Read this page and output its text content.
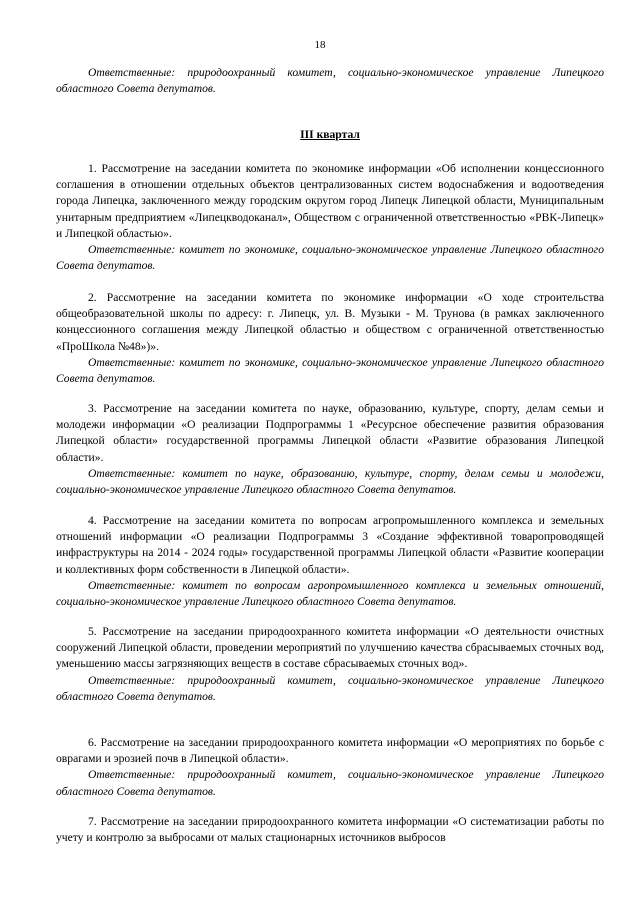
18

Ответственные: природоохранный комитет, социально-экономическое управление Липецкого областного Совета депутатов.

III квартал

1. Рассмотрение на заседании комитета по экономике информации «Об исполнении концессионного соглашения в отношении отдельных объектов централизованных систем водоснабжения и водоотведения города Липецка, заключенного между городским округом город Липецк Липецкой области, Муниципальным унитарным предприятием «Липецкводоканал», Обществом с ограниченной ответственностью «РВК-Липецк» и Липецкой областью».

Ответственные: комитет по экономике, социально-экономическое управление Липецкого областного Совета депутатов.

2. Рассмотрение на заседании комитета по экономике информации «О ходе строительства общеобразовательной школы по адресу: г. Липецк, ул. В. Музыки - М. Трунова (в рамках заключенного концессионного соглашения между Липецкой областью и обществом с ограниченной ответственностью «ПроШкола №48»)».

Ответственные: комитет по экономике, социально-экономическое управление Липецкого областного Совета депутатов.

3. Рассмотрение на заседании комитета по науке, образованию, культуре, спорту, делам семьи и молодежи информации «О реализации Подпрограммы 1 «Ресурсное обеспечение развития образования Липецкой области» государственной программы Липецкой области «Развитие образования Липецкой области».

Ответственные: комитет по науке, образованию, культуре, спорту, делам семьи и молодежи, социально-экономическое управление Липецкого областного Совета депутатов.

4. Рассмотрение на заседании комитета по вопросам агропромышленного комплекса и земельных отношений информации «О реализации Подпрограммы 3 «Создание эффективной товаропроводящей инфраструктуры на 2014 - 2024 годы» государственной программы Липецкой области «Развитие кооперации и коллективных форм собственности в Липецкой области».

Ответственные: комитет по вопросам агропромышленного комплекса и земельных отношений, социально-экономическое управление Липецкого областного Совета депутатов.

5. Рассмотрение на заседании природоохранного комитета информации «О деятельности очистных сооружений Липецкой области, проведении мероприятий по улучшению качества сбрасываемых сточных вод, уменьшению массы загрязняющих веществ в составе сбрасываемых сточных вод».

Ответственные: природоохранный комитет, социально-экономическое управление Липецкого областного Совета депутатов.

6. Рассмотрение на заседании природоохранного комитета информации «О мероприятиях по борьбе с оврагами и эрозией почв в Липецкой области».

Ответственные: природоохранный комитет, социально-экономическое управление Липецкого областного Совета депутатов.

7. Рассмотрение на заседании природоохранного комитета информации «О систематизации работы по учету и контролю за выбросами от малых стационарных источников выбросов
